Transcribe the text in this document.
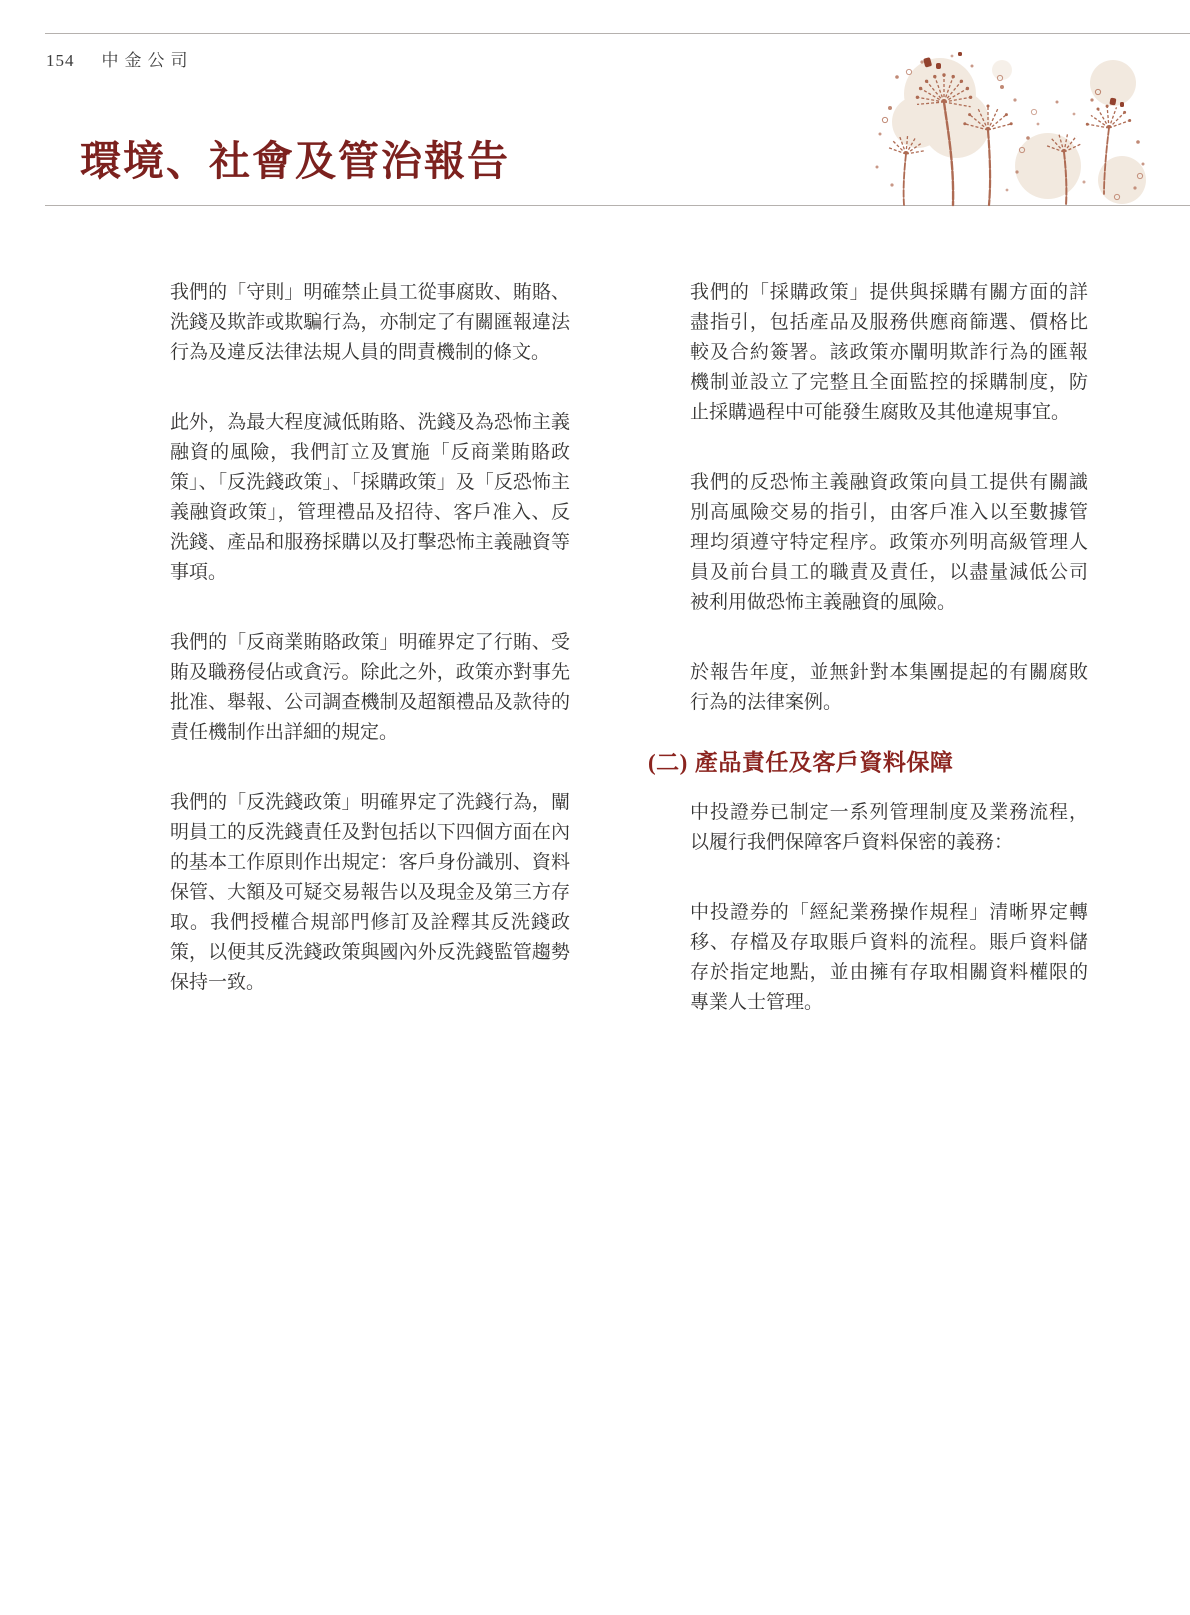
154 中金公司
環境、社會及管治報告

我們的「守則」明確禁止員工從事腐敗、賄賂、洗錢及欺詐或欺騙行為，亦制定了有關匯報違法行為及違反法律法規人員的問責機制的條文。

此外，為最大程度減低賄賂、洗錢及為恐怖主義融資的風險，我們訂立及實施「反商業賄賂政策」、「反洗錢政策」、「採購政策」及「反恐怖主義融資政策」，管理禮品及招待、客戶准入、反洗錢、產品和服務採購以及打擊恐怖主義融資等事項。

我們的「反商業賄賂政策」明確界定了行賄、受賄及職務侵佔或貪污。除此之外，政策亦對事先批准、舉報、公司調查機制及超額禮品及款待的責任機制作出詳細的規定。

我們的「反洗錢政策」明確界定了洗錢行為，闡明員工的反洗錢責任及對包括以下四個方面在內的基本工作原則作出規定：客戶身份識別、資料保管、大額及可疑交易報告以及現金及第三方存取。我們授權合規部門修訂及詮釋其反洗錢政策，以便其反洗錢政策與國內外反洗錢監管趨勢保持一致。

我們的「採購政策」提供與採購有關方面的詳盡指引，包括產品及服務供應商篩選、價格比較及合約簽署。該政策亦闡明欺詐行為的匯報機制並設立了完整且全面監控的採購制度，防止採購過程中可能發生腐敗及其他違規事宜。

我們的反恐怖主義融資政策向員工提供有關識別高風險交易的指引，由客戶准入以至數據管理均須遵守特定程序。政策亦列明高級管理人員及前台員工的職責及責任，以盡量減低公司被利用做恐怖主義融資的風險。

於報告年度，並無針對本集團提起的有關腐敗行為的法律案例。

(二) 產品責任及客戶資料保障

中投證券已制定一系列管理制度及業務流程，以履行我們保障客戶資料保密的義務：

中投證券的「經紀業務操作規程」清晰界定轉移、存檔及存取賬戶資料的流程。賬戶資料儲存於指定地點，並由擁有存取相關資料權限的專業人士管理。
